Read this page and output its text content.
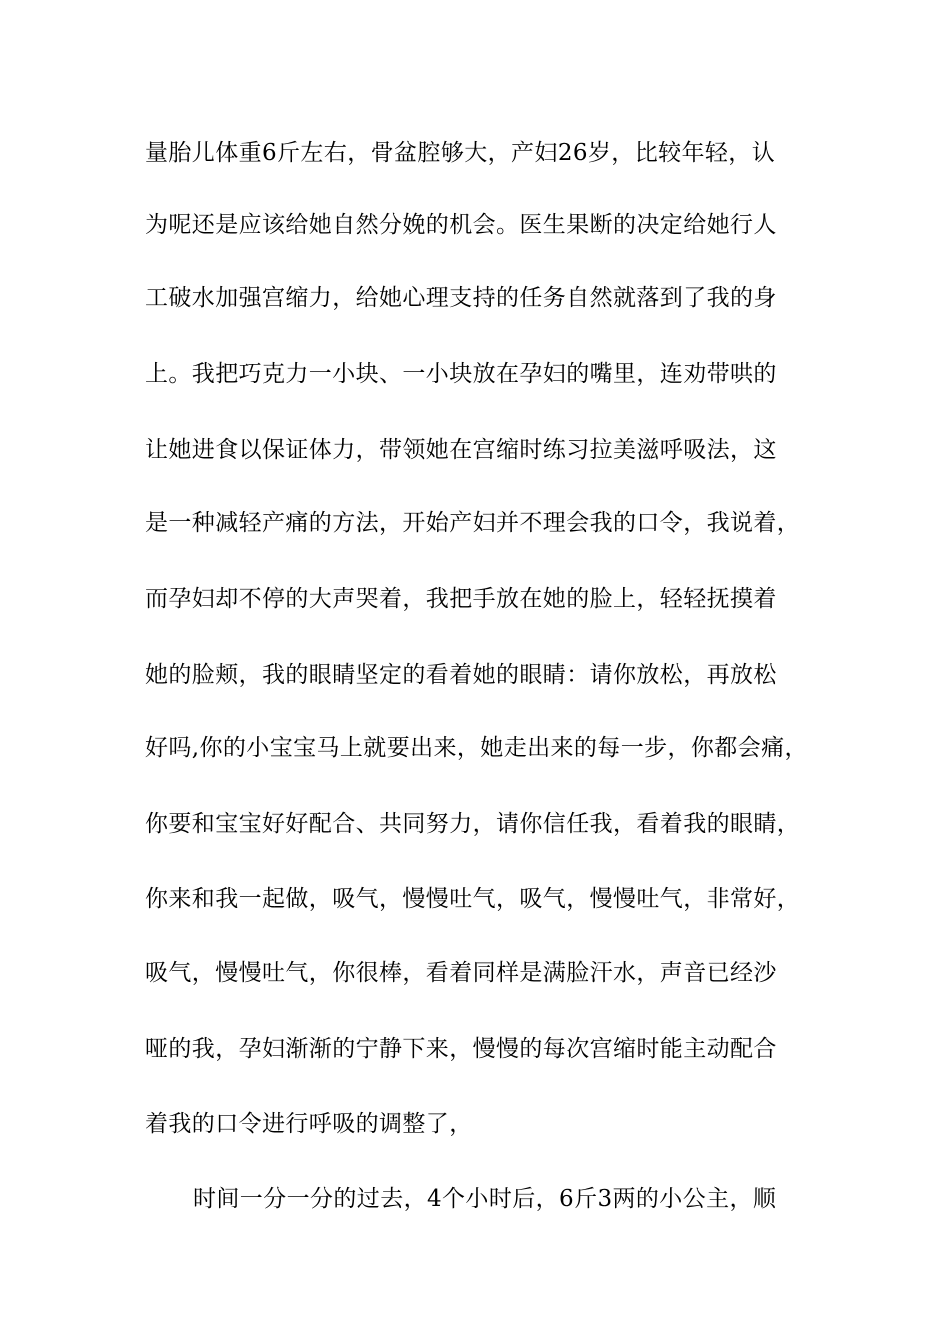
量胎儿体重6斤左右，骨盆腔够大，产妇26岁，比较年轻，认
为呢还是应该给她自然分娩的机会。医生果断的决定给她行人
工破水加强宫缩力，给她心理支持的任务自然就落到了我的身
上。我把巧克力一小块、一小块放在孕妇的嘴里，连劝带哄的
让她进食以保证体力，带领她在宫缩时练习拉美滋呼吸法，这
是一种减轻产痛的方法，开始产妇并不理会我的口令，我说着，
而孕妇却不停的大声哭着，我把手放在她的脸上，轻轻抚摸着
她的脸颊，我的眼睛坚定的看着她的眼睛：请你放松，再放松
好吗,你的小宝宝马上就要出来，她走出来的每一步，你都会痛，
你要和宝宝好好配合、共同努力，请你信任我，看着我的眼睛，
你来和我一起做，吸气，慢慢吐气，吸气，慢慢吐气，非常好，
吸气，慢慢吐气，你很棒，看着同样是满脸汗水，声音已经沙
哑的我，孕妇渐渐的宁静下来，慢慢的每次宫缩时能主动配合
着我的口令进行呼吸的调整了，
时间一分一分的过去，4个小时后，6斤3两的小公主，顺
